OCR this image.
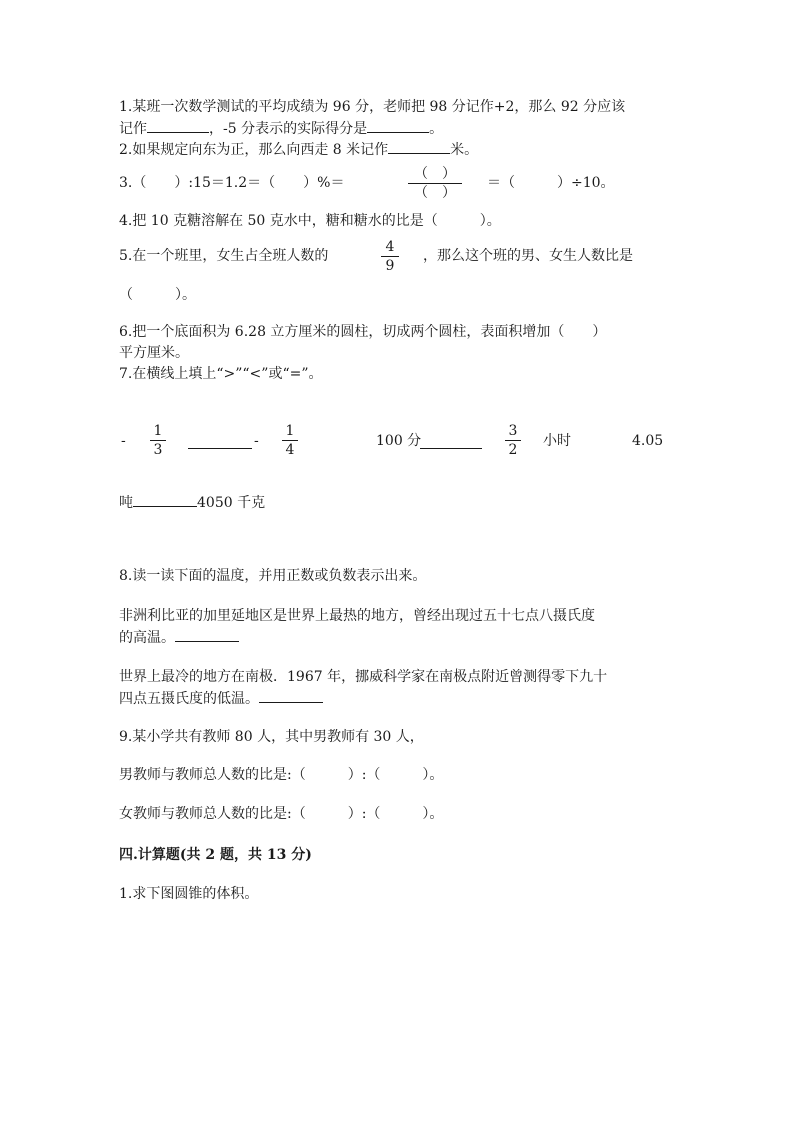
1.某班一次数学测试的平均成绩为 96 分，老师把 98 分记作+2，那么 92 分应该
记作	，-5 分表示的实际得分是	。
2.如果规定向东为正，那么向西走 8 米记作	米。
3.（　　）:15＝1.2＝（　　）%＝
（　）
（　）
＝（　　　）÷10。
4.把 10 克糖溶解在 50 克水中，糖和糖水的比是（　　　）。
5.在一个班里，女生占全班人数的
4
9
，那么这个班的男、女生人数比是
（　　　）。
6.把一个底面积为 6.28 立方厘米的圆柱，切成两个圆柱，表面积增加（　　）
平方厘米。
7.在横线上填上“>”“<”或“=”。
-
1
3
-
1
4
100 分
3
2
小时	4.05
吨	4050 千克
8.读一读下面的温度，并用正数或负数表示出来。
非洲利比亚的加里延地区是世界上最热的地方，曾经出现过五十七点八摄氏度
的高温。
世界上最冷的地方在南极．1967 年，挪威科学家在南极点附近曾测得零下九十
四点五摄氏度的低温。
9.某小学共有教师 80 人，其中男教师有 30 人，
男教师与教师总人数的比是:（　　　）:（　　　）。
女教师与教师总人数的比是:（　　　）:（　　　）。
四.计算题(共 2 题，共 13 分)
1.求下图圆锥的体积。
